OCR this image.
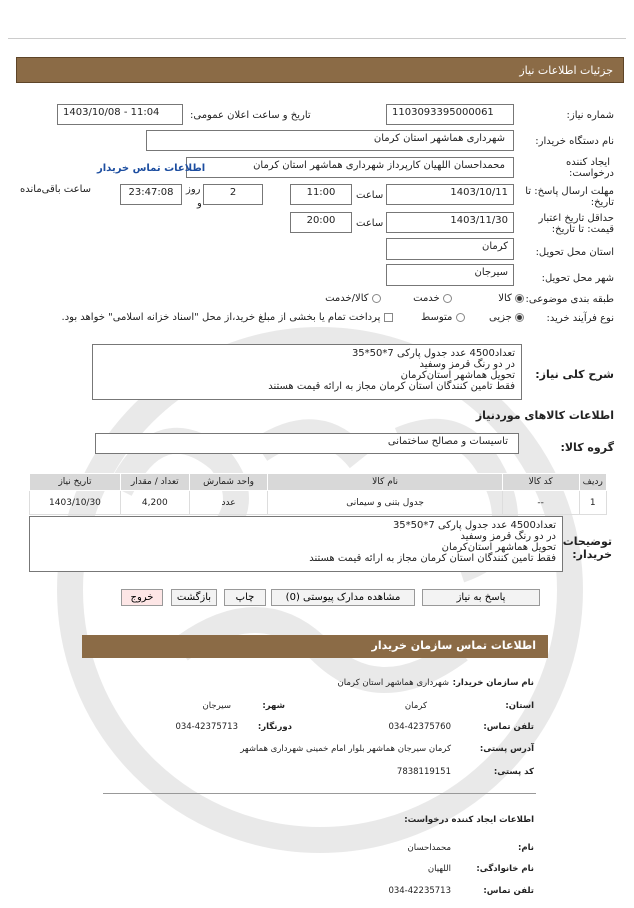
جزئیات اطلاعات نیاز
شماره نیاز:
1103093395000061
تاریخ و ساعت اعلان عمومی:
1403/10/08 - 11:04
نام دستگاه خریدار:
شهرداری هماشهر استان کرمان
ایجاد کننده
درخواست:
محمداحسان اللهیان کارپرداز شهرداری هماشهر استان کرمان
اطلاعات تماس خریدار
مهلت ارسال پاسخ: تا
تاریخ:
1403/10/11
ساعت
11:00
2
روز
و
23:47:08
ساعت باقی‌مانده
حداقل تاریخ اعتبار
قیمت: تا تاریخ:
1403/11/30
ساعت
20:00
استان محل تحویل:
کرمان
شهر محل تحویل:
سیرجان
طبقه بندی موضوعی:
کالا   خدمت   کالا/خدمت
نوع فرآیند خرید:
جزیی   متوسط   پرداخت تمام یا بخشی از مبلغ خرید،از محل "اسناد خزانه اسلامی" خواهد بود.
شرح کلی نیاز:
تعداد4500 عدد جدول پارکی 7*50*35
در دو رنگ قرمز وسفید
تحویل هماشهر استان‌کرمان
فقط تامین کنندگان استان کرمان مجاز به ارائه قیمت هستند
اطلاعات کالاهای موردنیاز
گروه کالا:
تاسیسات و مصالح ساختمانی
ردیف	کد کالا	نام کالا	واحد شمارش	تعداد / مقدار	تاریخ نیاز
1	--	جدول بتنی و سیمانی	عدد	4,200	1403/10/30
توضیحات
خریدار:
تعداد4500 عدد جدول پارکی 7*50*35
در دو رنگ قرمز وسفید
تحویل هماشهر استان‌کرمان
فقط تامین کنندگان استان کرمان مجاز به ارائه قیمت هستند
پاسخ به نیاز
مشاهده مدارک پیوستی (0)
چاپ
بازگشت
خروج
اطلاعات تماس سازمان خریدار
نام سازمان خریدار:
شهرداری هماشهر استان کرمان
استان:
کرمان
شهر:
سیرجان
تلفن تماس:
034-42375760
دورنگار:
034-42375713
آدرس پستی:
کرمان سیرجان هماشهر بلوار امام خمینی شهرداری هماشهر
کد پستی:
7838119151
اطلاعات ایجاد کننده درخواست:
نام:
محمداحسان
نام خانوادگی:
اللهیان
تلفن تماس:
034-42235713
